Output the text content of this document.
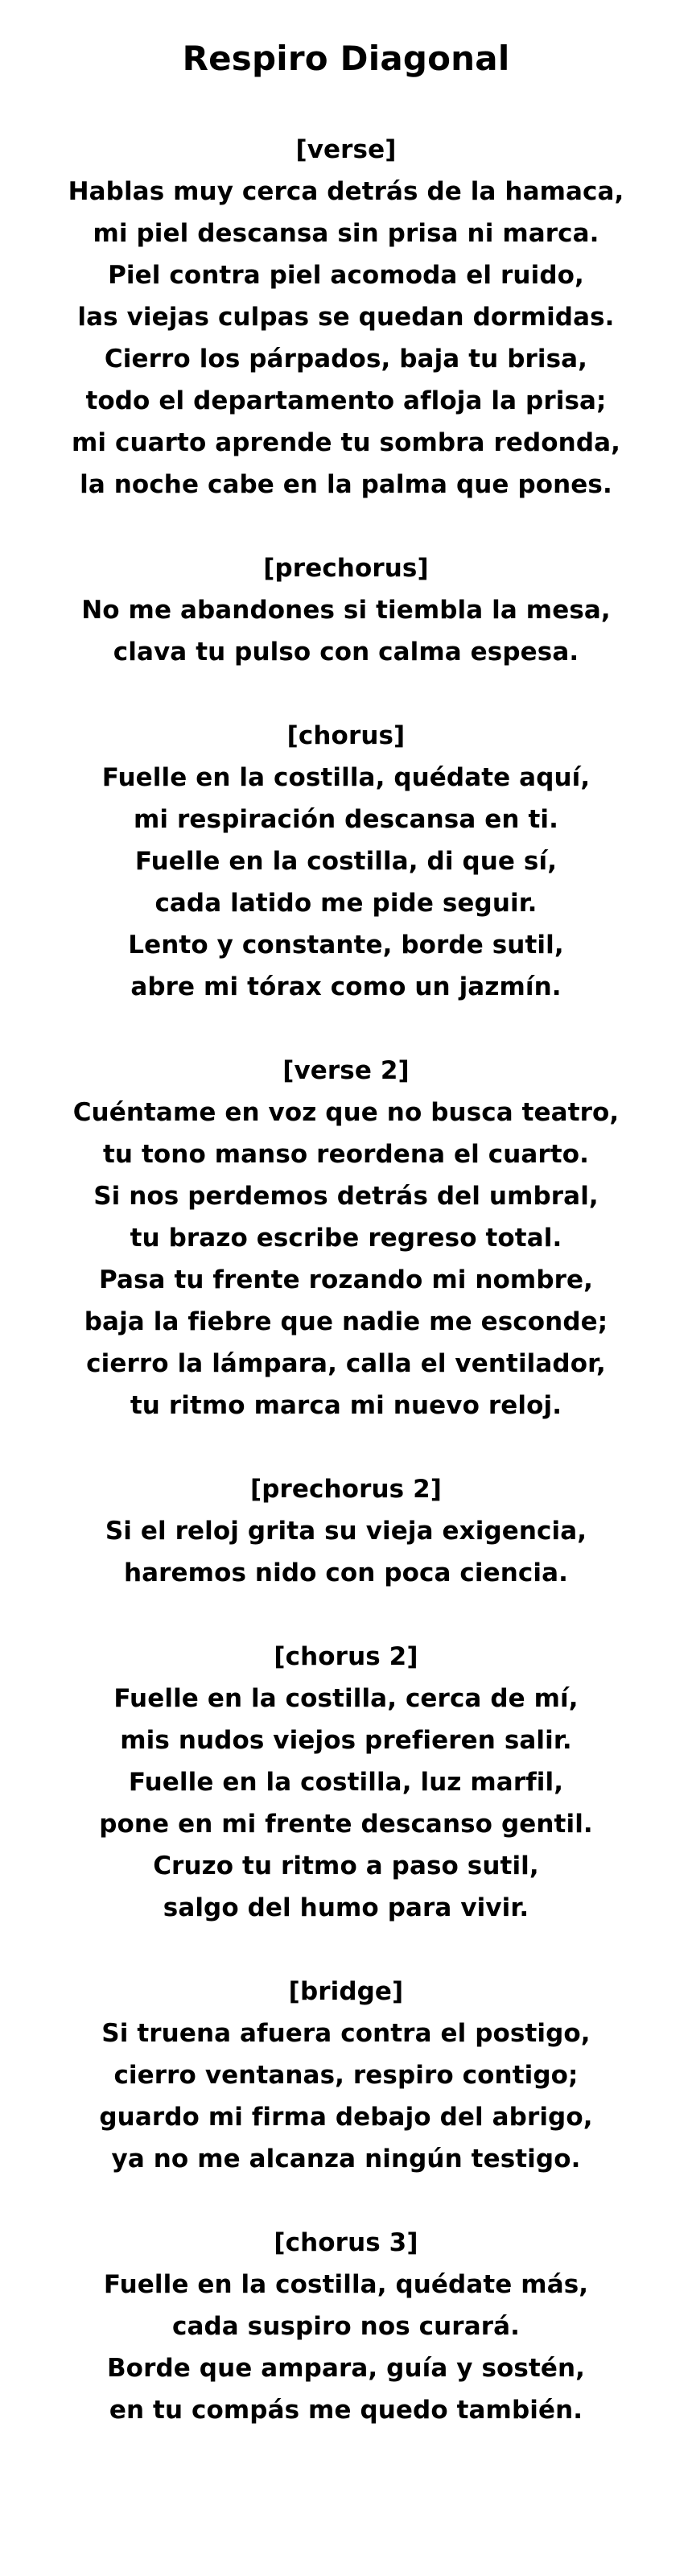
Respiro Diagonal
[verse]
Hablas muy cerca detrás de la hamaca,
mi piel descansa sin prisa ni marca.
Piel contra piel acomoda el ruido,
las viejas culpas se quedan dormidas.
Cierro los párpados, baja tu brisa,
todo el departamento afloja la prisa;
mi cuarto aprende tu sombra redonda,
la noche cabe en la palma que pones.
[prechorus]
No me abandones si tiembla la mesa,
clava tu pulso con calma espesa.
[chorus]
Fuelle en la costilla, quédate aquí,
mi respiración descansa en ti.
Fuelle en la costilla, di que sí,
cada latido me pide seguir.
Lento y constante, borde sutil,
abre mi tórax como un jazmín.
[verse 2]
Cuéntame en voz que no busca teatro,
tu tono manso reordena el cuarto.
Si nos perdemos detrás del umbral,
tu brazo escribe regreso total.
Pasa tu frente rozando mi nombre,
baja la fiebre que nadie me esconde;
cierro la lámpara, calla el ventilador,
tu ritmo marca mi nuevo reloj.
[prechorus 2]
Si el reloj grita su vieja exigencia,
haremos nido con poca ciencia.
[chorus 2]
Fuelle en la costilla, cerca de mí,
mis nudos viejos prefieren salir.
Fuelle en la costilla, luz marfil,
pone en mi frente descanso gentil.
Cruzo tu ritmo a paso sutil,
salgo del humo para vivir.
[bridge]
Si truena afuera contra el postigo,
cierro ventanas, respiro contigo;
guardo mi firma debajo del abrigo,
ya no me alcanza ningún testigo.
[chorus 3]
Fuelle en la costilla, quédate más,
cada suspiro nos curará.
Borde que ampara, guía y sostén,
en tu compás me quedo también.
